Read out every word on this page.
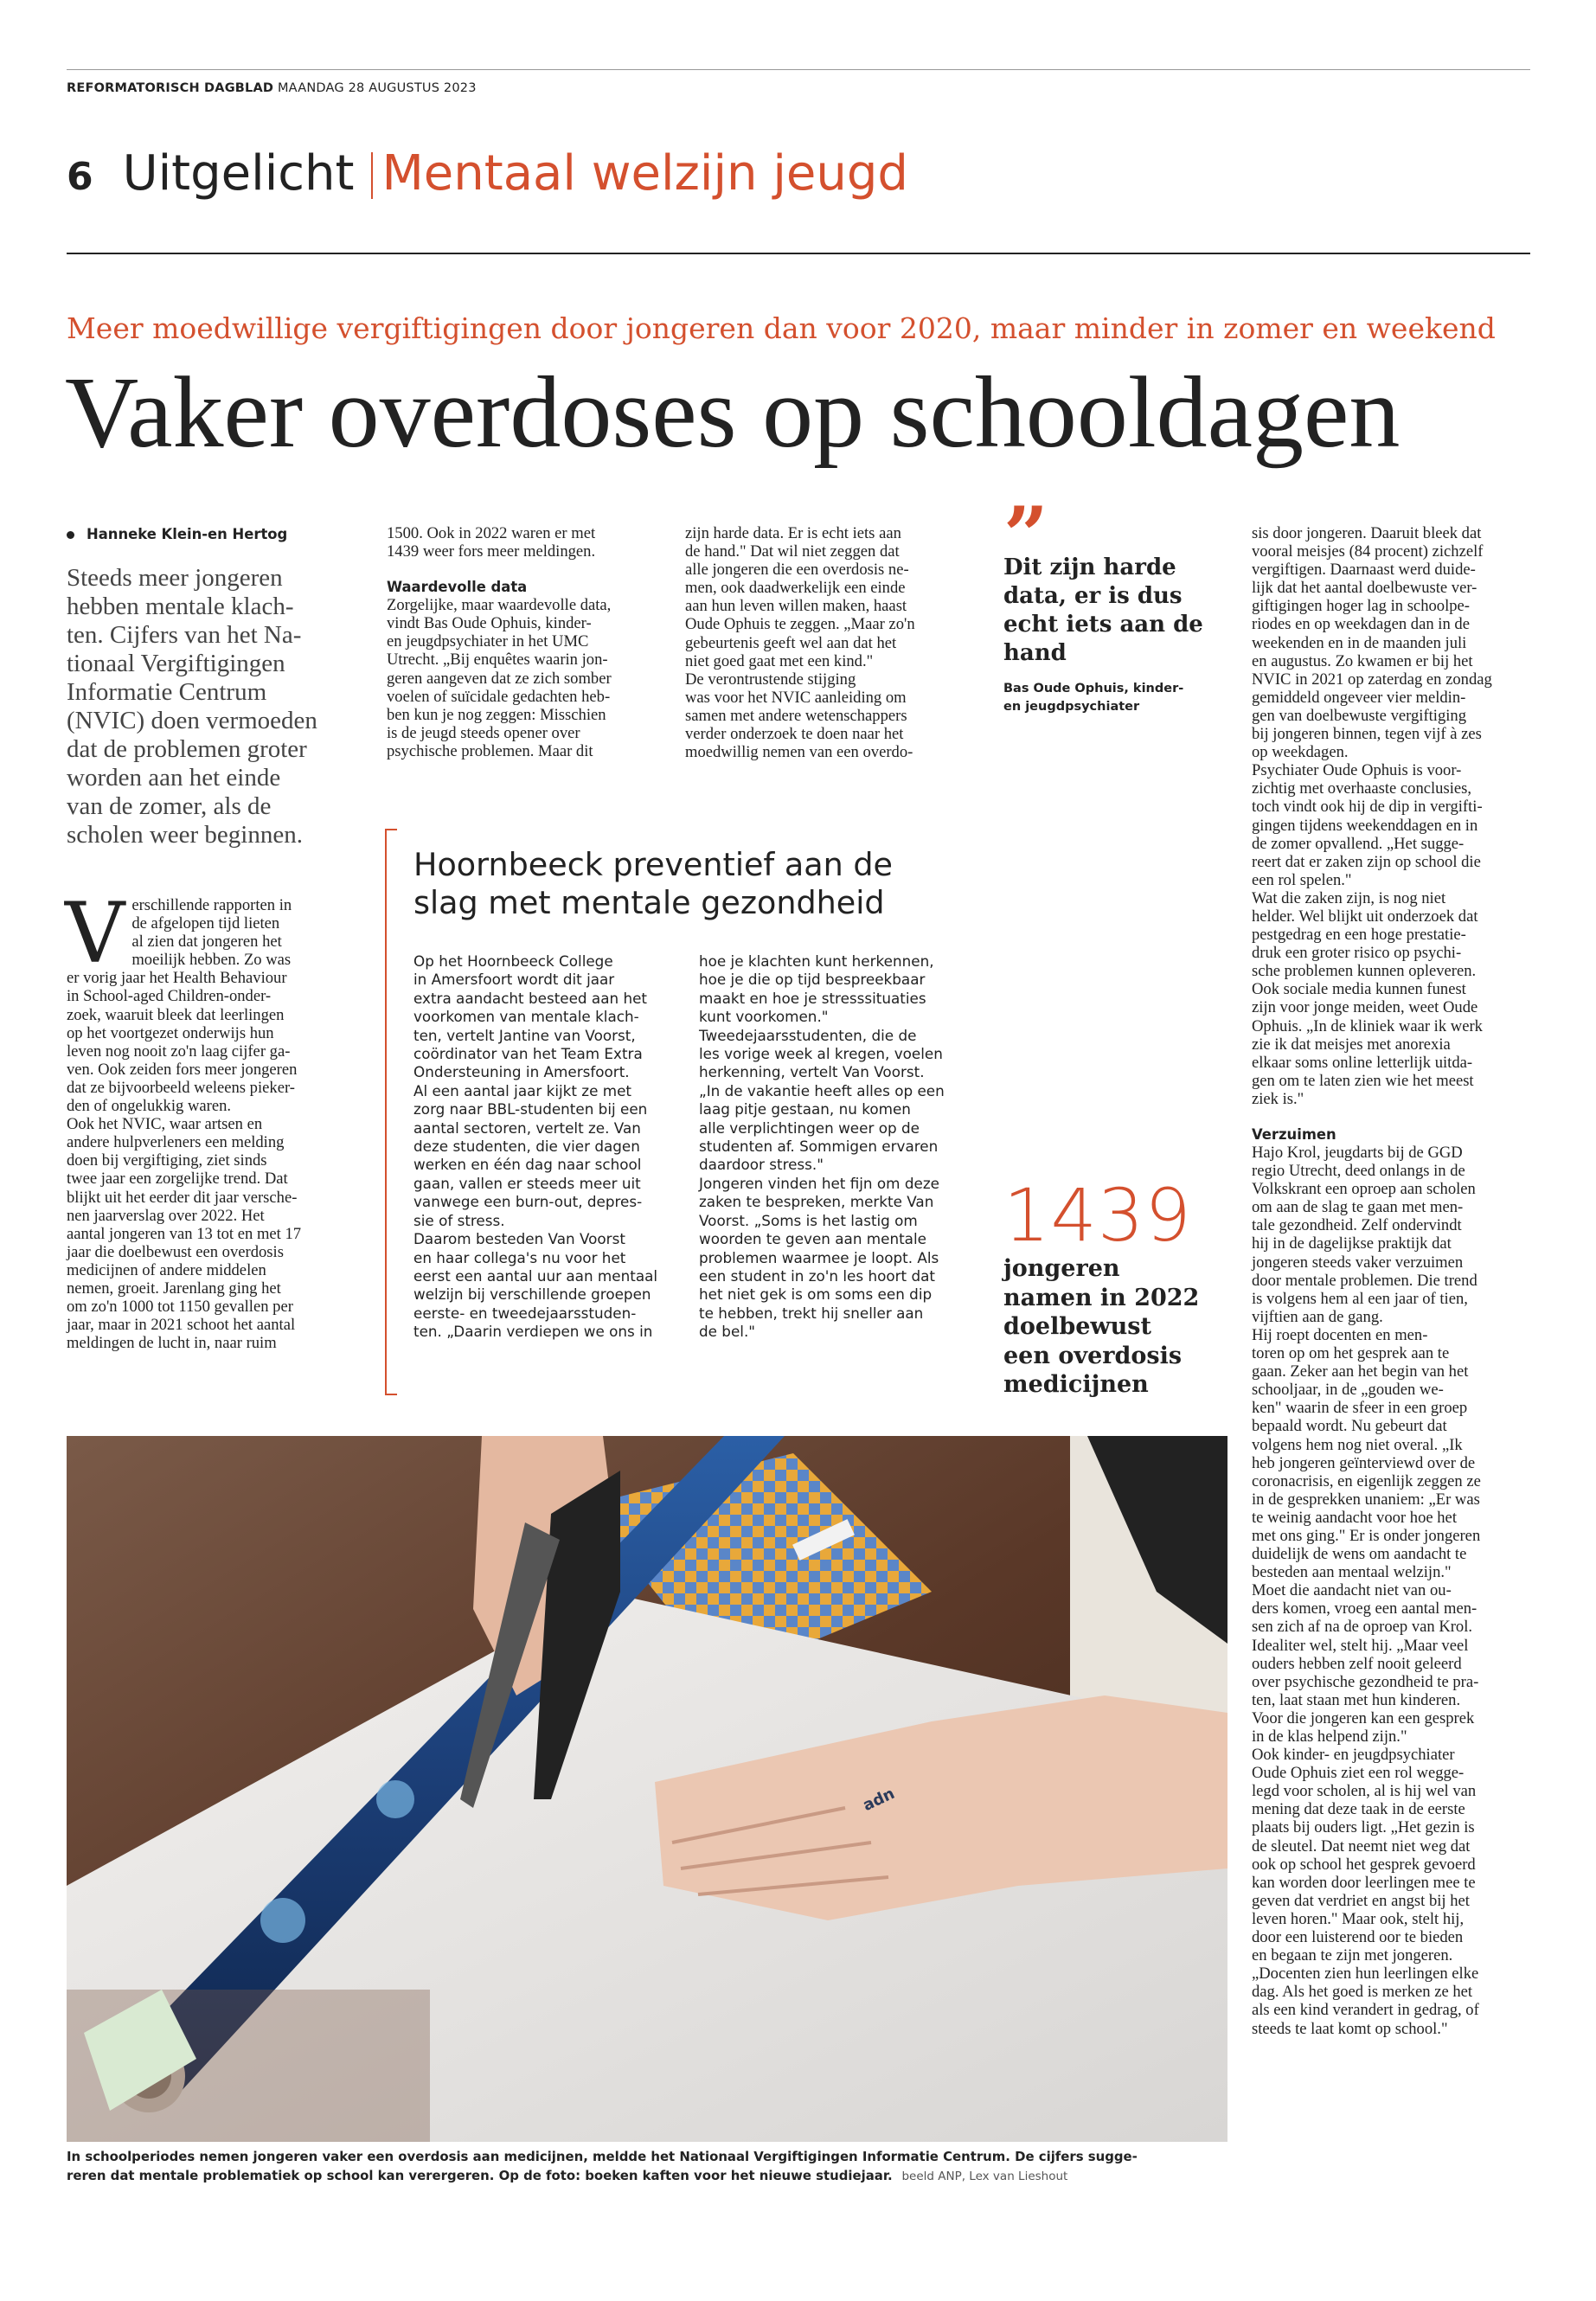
REFORMATORISCH DAGBLAD MAANDAG 28 AUGUSTUS 2023
6 Uitgelicht Mentaal welzijn jeugd
Meer moedwillige vergiftigingen door jongeren dan voor 2020, maar minder in zomer en weekend
Vaker overdoses op schooldagen
Hanneke Klein-en Hertog
Steeds meer jongeren
hebben mentale klach-
ten. Cijfers van het Na-
tionaal Vergiftigingen
Informatie Centrum
(NVIC) doen vermoeden
dat de problemen groter
worden aan het einde
van de zomer, als de
scholen weer beginnen.
V erschillende rapporten in
de afgelopen tijd lieten
al zien dat jongeren het
moeilijk hebben. Zo was
er vorig jaar het Health Behaviour
in School-aged Children-onder-
zoek, waaruit bleek dat leerlingen
op het voortgezet onderwijs hun
leven nog nooit zo'n laag cijfer ga-
ven. Ook zeiden fors meer jongeren
dat ze bijvoorbeeld weleens pieker-
den of ongelukkig waren.

Ook het NVIC, waar artsen en
andere hulpverleners een melding
doen bij vergiftiging, ziet sinds
twee jaar een zorgelijke trend. Dat
blijkt uit het eerder dit jaar versche-
nen jaarverslag over 2022. Het
aantal jongeren van 13 tot en met 17
jaar die doelbewust een overdosis
medicijnen of andere middelen
nemen, groeit. Jarenlang ging het
om zo'n 1000 tot 1150 gevallen per
jaar, maar in 2021 schoot het aantal
meldingen de lucht in, naar ruim

1500. Ook in 2022 waren er met
1439 weer fors meer meldingen.

Waardevolle data

Zorgelijke, maar waardevolle data,
vindt Bas Oude Ophuis, kinder-
en jeugdpsychiater in het UMC
Utrecht. „Bij enquêtes waarin jon-
geren aangeven dat ze zich somber
voelen of suïcidale gedachten heb-
ben kun je nog zeggen: Misschien
is de jeugd steeds opener over
psychische problemen. Maar dit

zijn harde data. Er is echt iets aan
de hand." Dat wil niet zeggen dat
alle jongeren die een overdosis ne-
men, ook daadwerkelijk een einde
aan hun leven willen maken, haast
Oude Ophuis te zeggen. „Maar zo'n
gebeurtenis geeft wel aan dat het
niet goed gaat met een kind."

De verontrustende stijging
was voor het NVIC aanleiding om
samen met andere wetenschappers
verder onderzoek te doen naar het
moedwillig nemen van een overdo-

”
Dit zijn harde
data, er is dus
echt iets aan de
hand
Bas Oude Ophuis, kinder-
en jeugdpsychiater
1439
jongeren
namen in 2022
doelbewust
een overdosis
medicijnen
Hoornbeeck preventief aan de
slag met mentale gezondheid
Op het Hoornbeeck College
in Amersfoort wordt dit jaar
extra aandacht besteed aan het
voorkomen van mentale klach-
ten, vertelt Jantine van Voorst,
coördinator van het Team Extra
Ondersteuning in Amersfoort.
Al een aantal jaar kijkt ze met
zorg naar BBL-studenten bij een
aantal sectoren, vertelt ze. Van
deze studenten, die vier dagen
werken en één dag naar school
gaan, vallen er steeds meer uit
vanwege een burn-out, depres-
sie of stress.
Daarom besteden Van Voorst
en haar collega's nu voor het
eerst een aantal uur aan mentaal
welzijn bij verschillende groepen
eerste- en tweedejaarsstuden-
ten. „Daarin verdiepen we ons in
hoe je klachten kunt herkennen,
hoe je die op tijd bespreekbaar
maakt en hoe je stresssituaties
kunt voorkomen."
Tweedejaarsstudenten, die de
les vorige week al kregen, voelen
herkenning, vertelt Van Voorst.
„In de vakantie heeft alles op een
laag pitje gestaan, nu komen
alle verplichtingen weer op de
studenten af. Sommigen ervaren
daardoor stress."
Jongeren vinden het fijn om deze
zaken te bespreken, merkte Van
Voorst. „Soms is het lastig om
woorden te geven aan mentale
problemen waarmee je loopt. Als
een student in zo'n les hoort dat
het niet gek is om soms een dip
te hebben, trekt hij sneller aan
de bel."

sis door jongeren. Daaruit bleek dat
vooral meisjes (84 procent) zichzelf
vergiftigen. Daarnaast werd duide-
lijk dat het aantal doelbewuste ver-
giftigingen hoger lag in schoolpe-
riodes en op weekdagen dan in de
weekenden en in de maanden juli
en augustus. Zo kwamen er bij het
NVIC in 2021 op zaterdag en zondag
gemiddeld ongeveer vier meldin-
gen van doelbewuste vergiftiging
bij jongeren binnen, tegen vijf à zes
op weekdagen.

Psychiater Oude Ophuis is voor-
zichtig met overhaaste conclusies,
toch vindt ook hij de dip in vergifti-
gingen tijdens weekenddagen en in
de zomer opvallend. „Het sugge-
reert dat er zaken zijn op school die
een rol spelen."

Wat die zaken zijn, is nog niet
helder. Wel blijkt uit onderzoek dat
pestgedrag en een hoge prestatie-
druk een groter risico op psychi-
sche problemen kunnen opleveren.
Ook sociale media kunnen funest
zijn voor jonge meiden, weet Oude
Ophuis. „In de kliniek waar ik werk
zie ik dat meisjes met anorexia
elkaar soms online letterlijk uitda-
gen om te laten zien wie het meest
ziek is."

Verzuimen

Hajo Krol, jeugdarts bij de GGD
regio Utrecht, deed onlangs in de
Volkskrant een oproep aan scholen
om aan de slag te gaan met men-
tale gezondheid. Zelf ondervindt
hij in de dagelijkse praktijk dat
jongeren steeds vaker verzuimen
door mentale problemen. Die trend
is volgens hem al een jaar of tien,
vijftien aan de gang.

Hij roept docenten en men-
toren op om het gesprek aan te
gaan. Zeker aan het begin van het
schooljaar, in de „gouden we-
ken" waarin de sfeer in een groep
bepaald wordt. Nu gebeurt dat
volgens hem nog niet overal. „Ik
heb jongeren geïnterviewd over de
coronacrisis, en eigenlijk zeggen ze
in de gesprekken unaniem: „Er was
te weinig aandacht voor hoe het
met ons ging." Er is onder jongeren
duidelijk de wens om aandacht te
besteden aan mentaal welzijn."

Moet die aandacht niet van ou-
ders komen, vroeg een aantal men-
sen zich af na de oproep van Krol.
Idealiter wel, stelt hij. „Maar veel
ouders hebben zelf nooit geleerd
over psychische gezondheid te pra-
ten, laat staan met hun kinderen.
Voor die jongeren kan een gesprek
in de klas helpend zijn."

Ook kinder- en jeugdpsychiater
Oude Ophuis ziet een rol wegge-
legd voor scholen, al is hij wel van
mening dat deze taak in de eerste
plaats bij ouders ligt. „Het gezin is
de sleutel. Dat neemt niet weg dat
ook op school het gesprek gevoerd
kan worden door leerlingen mee te
geven dat verdriet en angst bij het
leven horen." Maar ook, stelt hij,
door een luisterend oor te bieden
en begaan te zijn met jongeren.
„Docenten zien hun leerlingen elke
dag. Als het goed is merken ze het
als een kind verandert in gedrag, of
steeds te laat komt op school."

adn
In schoolperiodes nemen jongeren vaker een overdosis aan medicijnen, meldde het Nationaal Vergiftigingen Informatie Centrum. De cijfers sugge-
reren dat mentale problematiek op school kan verergeren. Op de foto: boeken kaften voor het nieuwe studiejaar. beeld ANP, Lex van Lieshout
